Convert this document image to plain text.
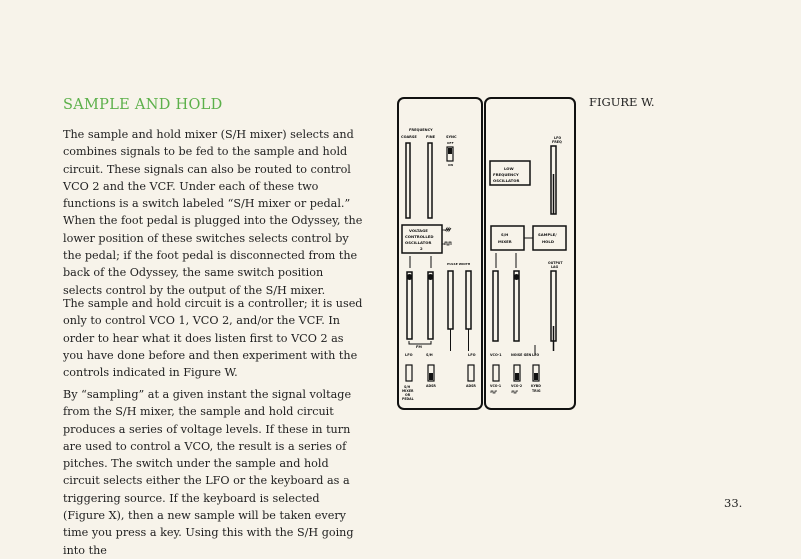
SAMPLE AND HOLD

The sample and hold mixer (S/H mixer) selects and combines signals to be fed to the sample and hold circuit. These signals can also be routed to control VCO 2 and the VCF. Under each of these two functions is a switch labeled “S/H mixer or pedal.” When the foot pedal is plugged into the Odyssey, the lower position of these switches selects control by the pedal; if the foot pedal is disconnected from the back of the Odyssey, the same switch position selects control by the output of the S/H mixer.

The sample and hold circuit is a controller; it is used only to control VCO 1, VCO 2, and/or the VCF. In order to hear what it does listen first to VCO 2 as you have done before and then experiment with the controls indicated in Figure W.

By “sampling” at a given instant the signal voltage from the S/H mixer, the sample and hold circuit produces a series of voltage levels. If these in turn are used to control a VCO, the result is a series of pitches. The switch under the sample and hold circuit selects either the LFO or the keyboard as a triggering source. If the keyboard is selected (Figure X), then a new sample will be taken every time you press a key. Using this with the S/H going into the

FIGURE W.

33.

FREQUENCY
COARSE	FINE	SYNC
OFF
ON
VOLTAGE
CONTROLLED
OSCILLATOR
2
PULSE WIDTH
FM
LFO	S/H	LFO
S/H
MIXER
OR
PEDAL
ADSR	ADSR
LFO
FREQ
LOW
FREQUENCY
OSCILLATOR
S/H
MIXER
SAMPLE/
HOLD
OUTPUT
LAG
VCO-1	NOISE GEN LFO
VCO-1	VCO-2	KYBD
TRIG
